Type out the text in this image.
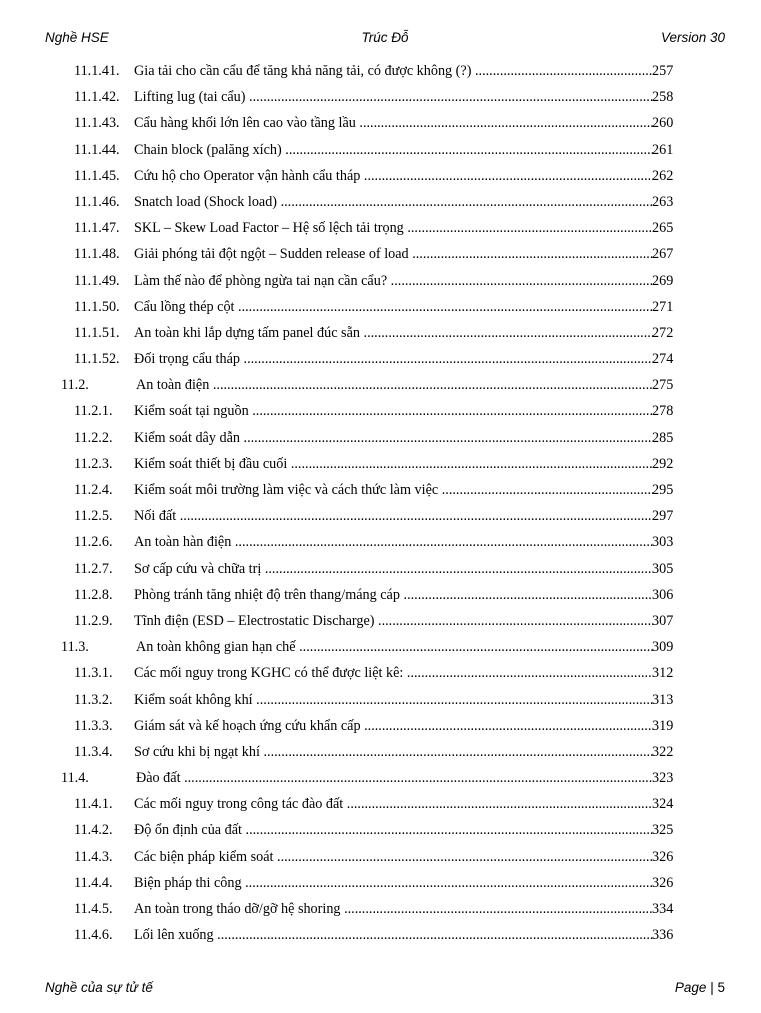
Nghề HSE	Trúc Đỗ	Version 30
11.1.41. Gia tải cho cần cẩu để tăng khả năng tải, có được không (?) .....	257
11.1.42. Lifting lug (tai cẩu) .....	258
11.1.43. Cẩu hàng khối lớn lên cao vào tầng lầu .....	260
11.1.44. Chain block (palăng xích) .....	261
11.1.45. Cứu hộ cho Operator vận hành cẩu tháp .....	262
11.1.46. Snatch load (Shock load) .....	263
11.1.47. SKL – Skew Load Factor – Hệ số lệch tải trọng .....	265
11.1.48. Giải phóng tải đột ngột – Sudden release of load .....	267
11.1.49. Làm thế nào để phòng ngừa tai nạn cần cẩu? .....	269
11.1.50. Cẩu lồng thép cột .....	271
11.1.51. An toàn khi lắp dựng tấm panel đúc sẵn .....	272
11.1.52. Đối trọng cẩu tháp .....	274
11.2.	An toàn điện .....	275
11.2.1. Kiểm soát tại nguồn .....	278
11.2.2. Kiểm soát dây dẫn .....	285
11.2.3. Kiểm soát thiết bị đầu cuối .....	292
11.2.4. Kiểm soát môi trường làm việc và cách thức làm việc .....	295
11.2.5. Nối đất .....	297
11.2.6. An toàn hàn điện .....	303
11.2.7. Sơ cấp cứu và chữa trị .....	305
11.2.8. Phòng tránh tăng nhiệt độ trên thang/máng cáp .....	306
11.2.9. Tĩnh điện (ESD – Electrostatic Discharge) .....	307
11.3.	An toàn không gian hạn chế .....	309
11.3.1. Các mối nguy trong KGHC có thể được liệt kê: .....	312
11.3.2. Kiểm soát không khí .....	313
11.3.3. Giám sát và kế hoạch ứng cứu khẩn cấp .....	319
11.3.4. Sơ cứu khi bị ngạt khí .....	322
11.4.	Đào đất .....	323
11.4.1. Các mối nguy trong công tác đào đất .....	324
11.4.2. Độ ổn định của đất .....	325
11.4.3. Các biện pháp kiểm soát .....	326
11.4.4. Biện pháp thi công .....	326
11.4.5. An toàn trong tháo dỡ/gỡ hệ shoring .....	334
11.4.6. Lối lên xuống .....	336
Nghề của sự tử tế	Page | 5
